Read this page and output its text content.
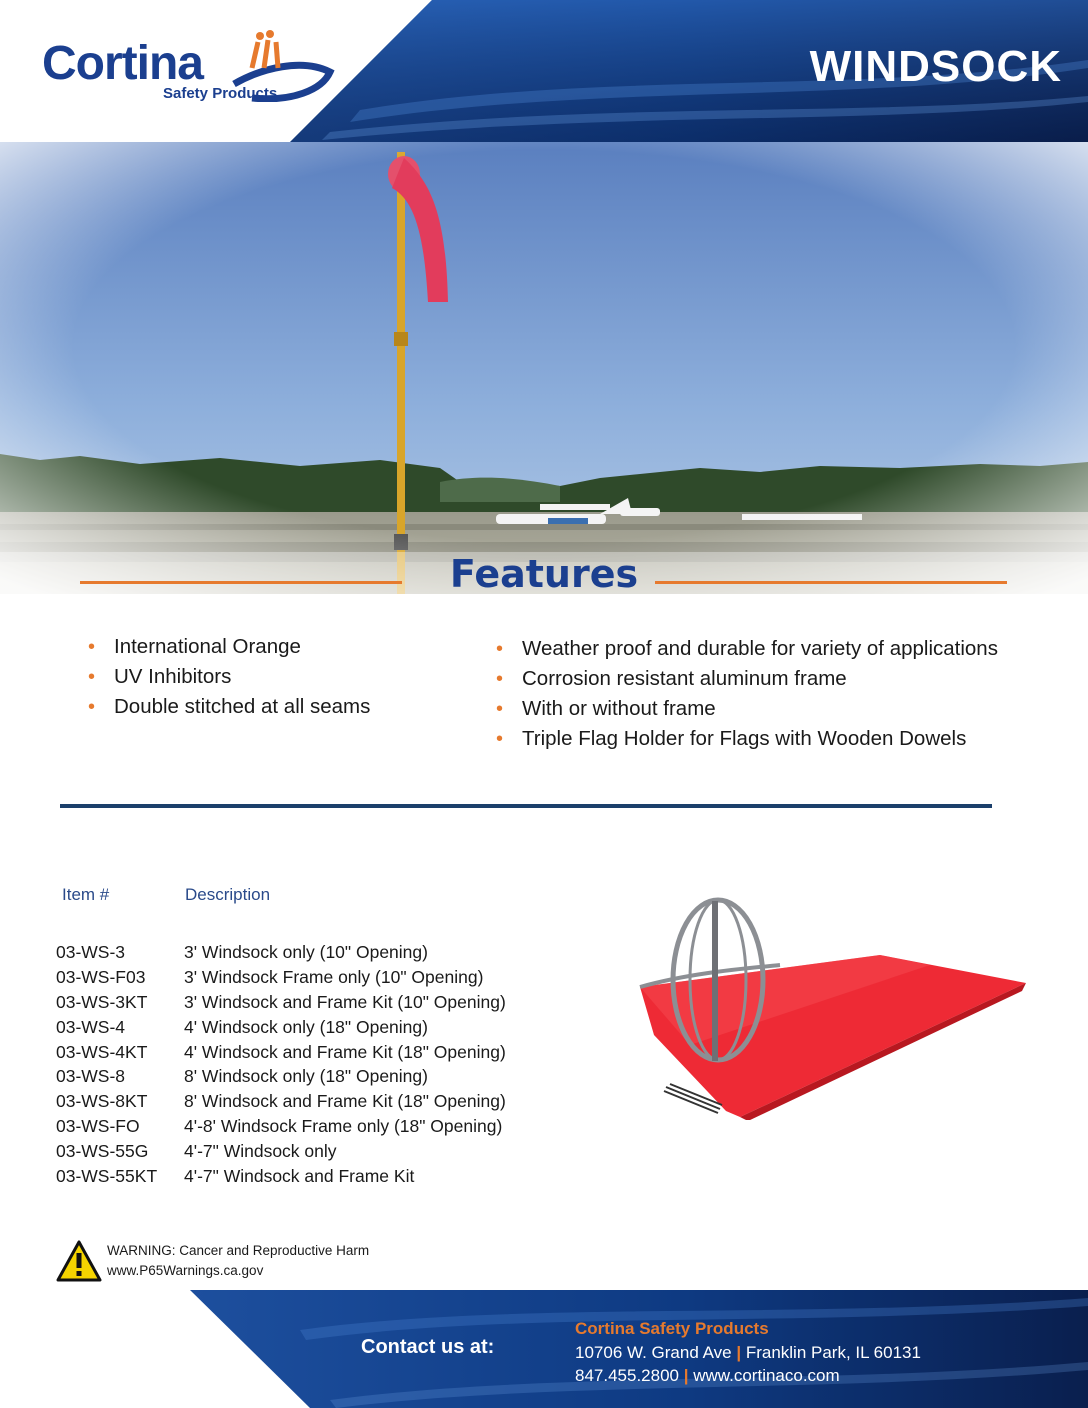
Cortina
Safety Products
WINDSOCK
Features
• International Orange
• UV Inhibitors
• Double stitched at all seams
• Weather proof and durable for variety of applications
• Corrosion resistant aluminum frame
• With or without frame
• Triple Flag Holder for Flags with Wooden Dowels
Item #	Description
03-WS-3	3' Windsock only (10" Opening)
03-WS-F03 3' Windsock Frame only (10" Opening)
03-WS-3KT 3' Windsock and Frame Kit (10" Opening)
03-WS-4	4' Windsock only (18" Opening)
03-WS-4KT 4' Windsock and Frame Kit (18" Opening)
03-WS-8	8' Windsock only (18" Opening)
03-WS-8KT 8' Windsock and Frame Kit (18" Opening)
03-WS-FO	4'-8' Windsock Frame only (18" Opening)
03-WS-55G 4'-7" Windsock only
03-WS-55KT 4'-7" Windsock and Frame Kit
WARNING: Cancer and Reproductive Harm
www.P65Warnings.ca.gov
Contact us at:
Cortina Safety Products
10706 W. Grand Ave | Franklin Park, IL 60131
847.455.2800 | www.cortinaco.com
